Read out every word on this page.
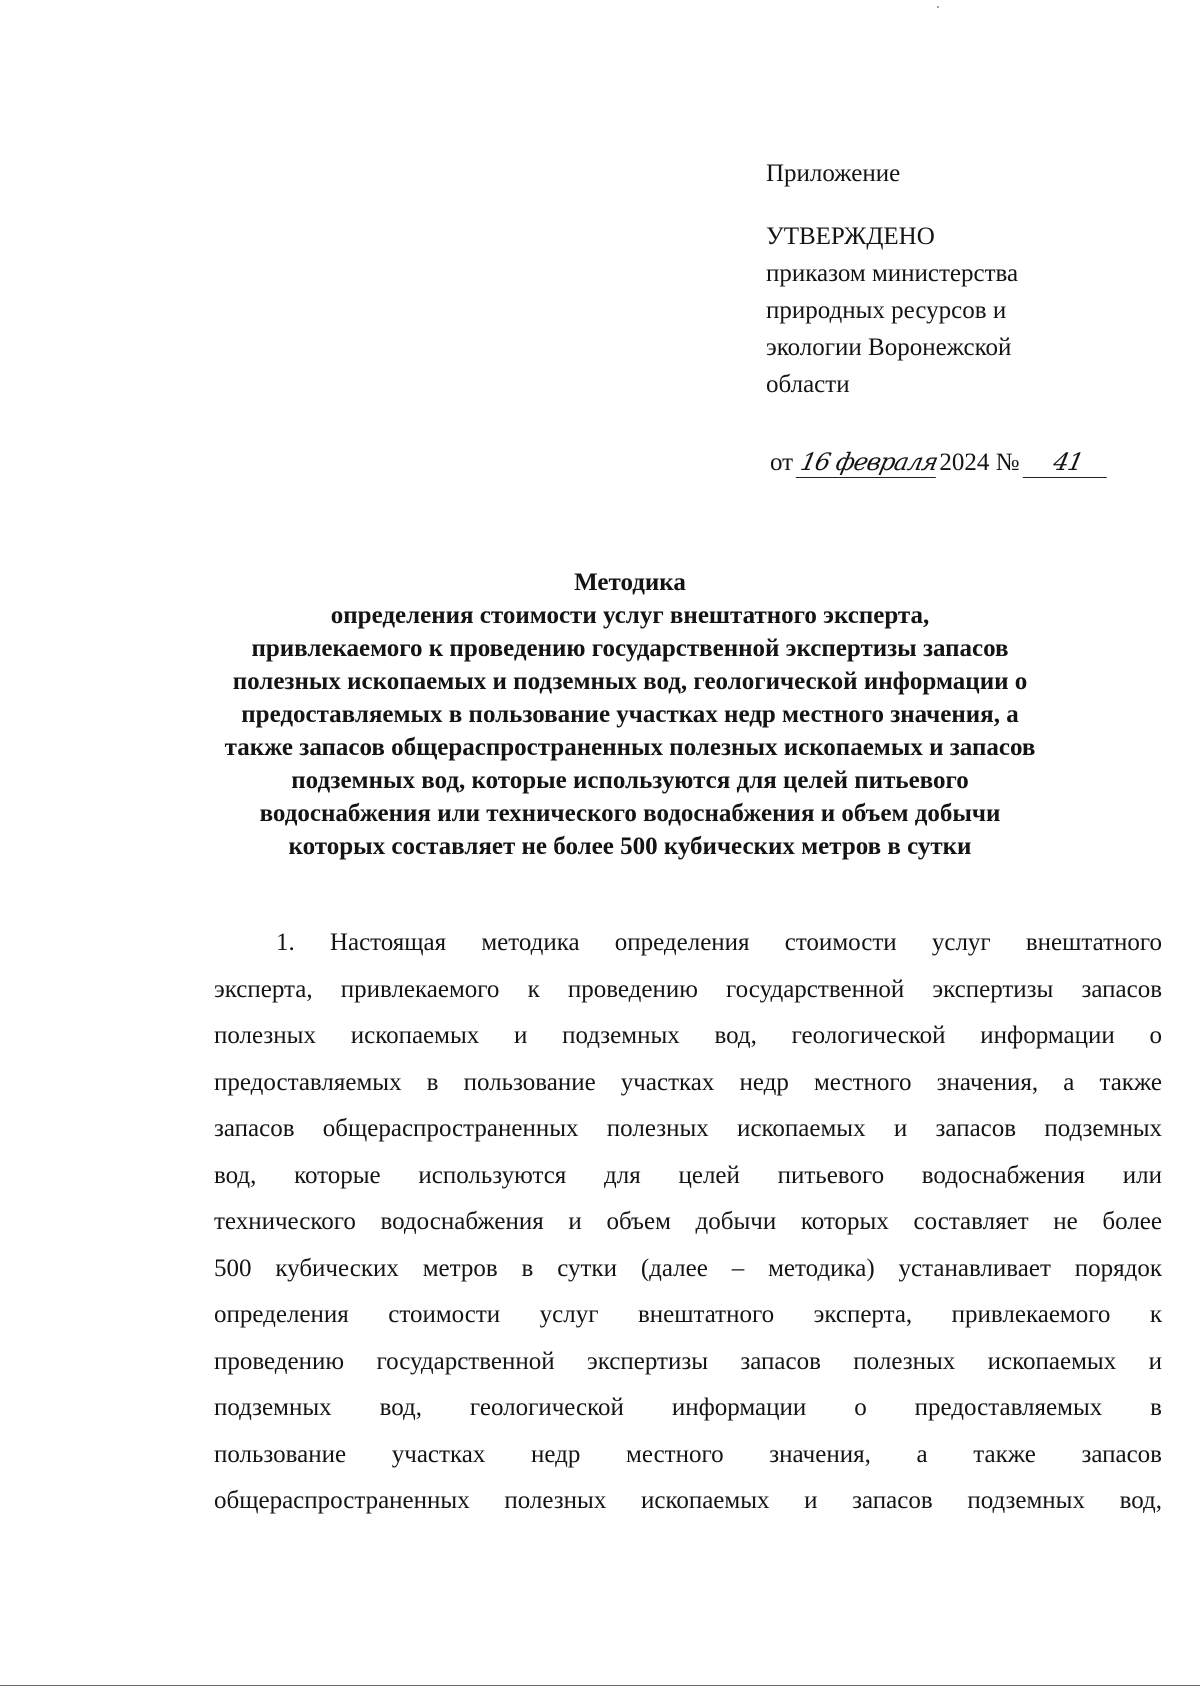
Приложение
УТВЕРЖДЕНО
приказом министерства
природных ресурсов и
экологии Воронежской
области
от 16 февраля2024 № 41
Методика
определения стоимости услуг внештатного эксперта,
привлекаемого к проведению государственной экспертизы запасов
полезных ископаемых и подземных вод, геологической информации о
предоставляемых в пользование участках недр местного значения, а
также запасов общераспространенных полезных ископаемых и запасов
подземных вод, которые используются для целей питьевого
водоснабжения или технического водоснабжения и объем добычи
которых составляет не более 500 кубических метров в сутки
1. Настоящая методика определения стоимости услуг внештатного
эксперта, привлекаемого к проведению государственной экспертизы запасов
полезных ископаемых и подземных вод, геологической информации о
предоставляемых в пользование участках недр местного значения, а также
запасов общераспространенных полезных ископаемых и запасов подземных
вод, которые используются для целей питьевого водоснабжения или
технического водоснабжения и объем добычи которых составляет не более
500 кубических метров в сутки (далее – методика) устанавливает порядок
определения стоимости услуг внештатного эксперта, привлекаемого к
проведению государственной экспертизы запасов полезных ископаемых и
подземных вод, геологической информации о предоставляемых в
пользование участках недр местного значения, а также запасов
общераспространенных полезных ископаемых и запасов подземных вод,
